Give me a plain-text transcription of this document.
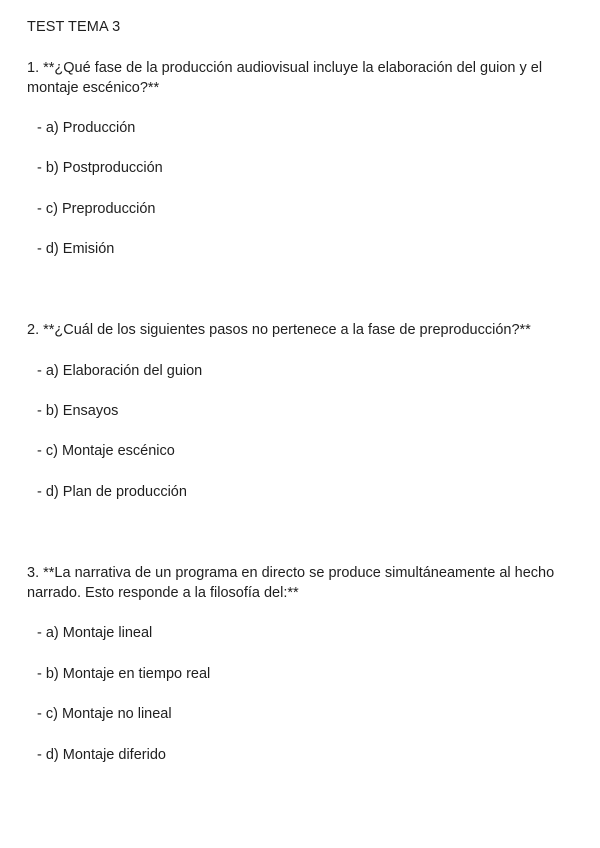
TEST TEMA 3

1. **¿Qué fase de la producción audiovisual incluye la elaboración del guion y el montaje escénico?**

- a) Producción
- b) Postproducción
- c) Preproducción
- d) Emisión

2. **¿Cuál de los siguientes pasos no pertenece a la fase de preproducción?**

- a) Elaboración del guion
- b) Ensayos
- c) Montaje escénico
- d) Plan de producción

3. **La narrativa de un programa en directo se produce simultáneamente al hecho narrado. Esto responde a la filosofía del:**

- a) Montaje lineal
- b) Montaje en tiempo real
- c) Montaje no lineal
- d) Montaje diferido
